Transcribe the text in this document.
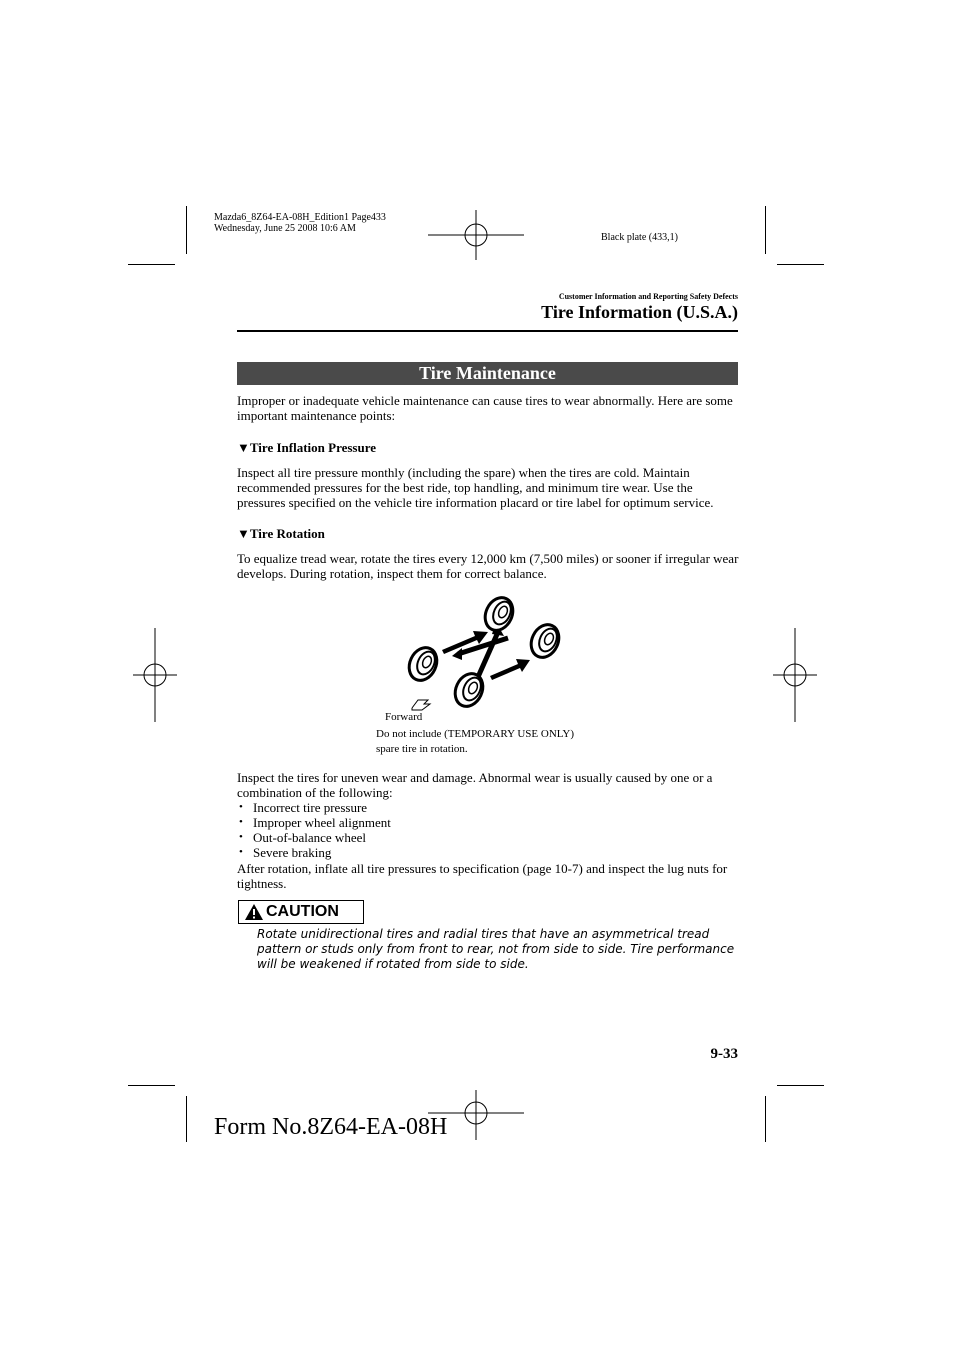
Mazda6_8Z64-EA-08H_Edition1 Page433
Wednesday, June 25 2008 10:6 AM
Black plate (433,1)
Customer Information and Reporting Safety Defects
Tire Information (U.S.A.)
Tire Maintenance
Improper or inadequate vehicle maintenance can cause tires to wear abnormally. Here are some important maintenance points:
▼Tire Inflation Pressure
Inspect all tire pressure monthly (including the spare) when the tires are cold. Maintain recommended pressures for the best ride, top handling, and minimum tire wear. Use the pressures specified on the vehicle tire information placard or tire label for optimum service.
▼Tire Rotation
To equalize tread wear, rotate the tires every 12,000 km (7,500 miles) or sooner if irregular wear develops. During rotation, inspect them for correct balance.
Forward
Do not include (TEMPORARY USE ONLY)
spare tire in rotation.
Inspect the tires for uneven wear and damage. Abnormal wear is usually caused by one or a combination of the following:
• Incorrect tire pressure
• Improper wheel alignment
• Out-of-balance wheel
• Severe braking
After rotation, inflate all tire pressures to specification (page 10-7) and inspect the lug nuts for tightness.
CAUTION
Rotate unidirectional tires and radial tires that have an asymmetrical tread pattern or studs only from front to rear, not from side to side. Tire performance will be weakened if rotated from side to side.
9-33
Form No.8Z64-EA-08H
